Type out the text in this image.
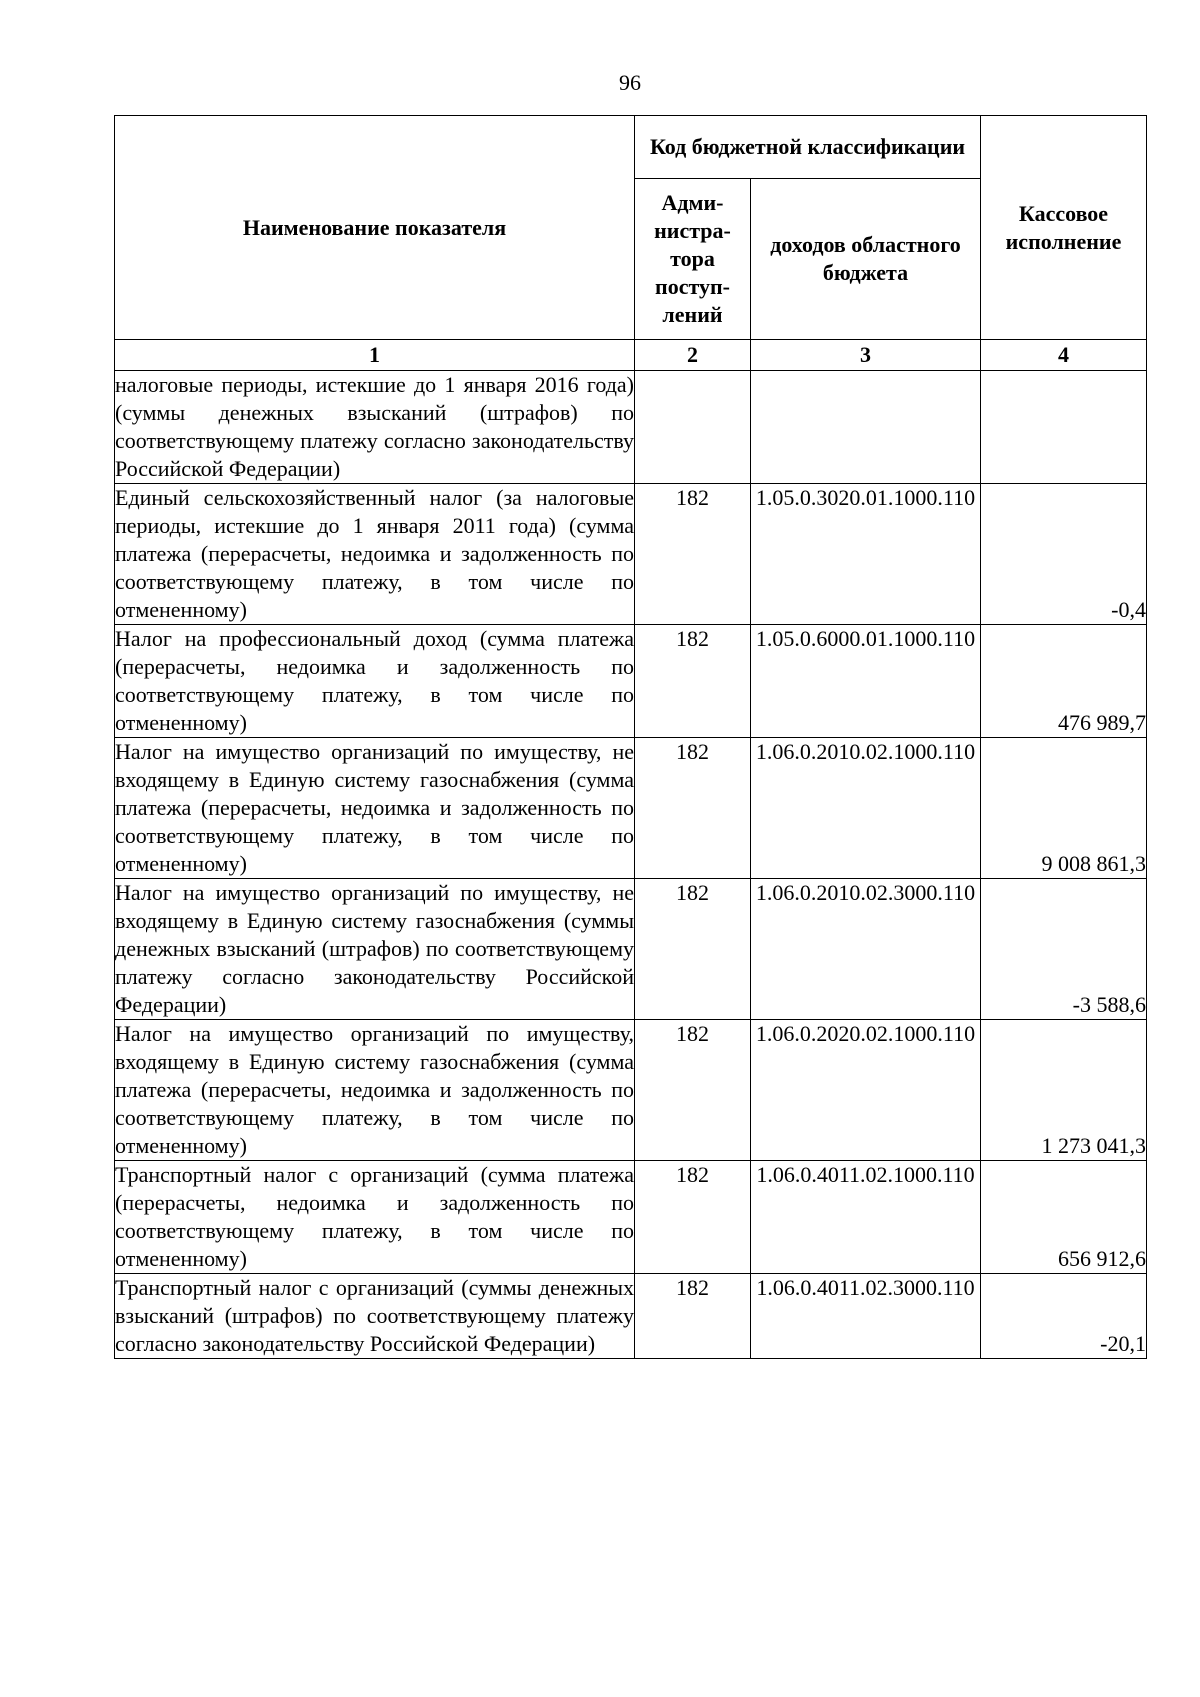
96
Наименование показателя	Код бюджетной классификации		Кассовое исполнение
	Адми-нистра-тора поступ-лений	доходов областного бюджета	
1	2	3	4
налоговые периоды, истекшие до 1 января 2016 года) (суммы денежных взысканий (штрафов) по соответствующему платежу согласно законодательству Российской Федерации)			
Единый сельскохозяйственный налог (за налоговые периоды, истекшие до 1 января 2011 года) (сумма платежа (перерасчеты, недоимка и задолженность по соответствующему платежу, в том числе по отмененному)	182	1.05.0.3020.01.1000.110	-0,4
Налог на профессиональный доход (сумма платежа (перерасчеты, недоимка и задолженность по соответствующему платежу, в том числе по отмененному)	182	1.05.0.6000.01.1000.110	476 989,7
Налог на имущество организаций по имуществу, не входящему в Единую систему газоснабжения (сумма платежа (перерасчеты, недоимка и задолженность по соответствующему платежу, в том числе по отмененному)	182	1.06.0.2010.02.1000.110	9 008 861,3
Налог на имущество организаций по имуществу, не входящему в Единую систему газоснабжения (суммы денежных взысканий (штрафов) по соответствующему платежу согласно законодательству Российской Федерации)	182	1.06.0.2010.02.3000.110	-3 588,6
Налог на имущество организаций по имуществу, входящему в Единую систему газоснабжения (сумма платежа (перерасчеты, недоимка и задолженность по соответствующему платежу, в том числе по отмененному)	182	1.06.0.2020.02.1000.110	1 273 041,3
Транспортный налог с организаций (сумма платежа (перерасчеты, недоимка и задолженность по соответствующему платежу, в том числе по отмененному)	182	1.06.0.4011.02.1000.110	656 912,6
Транспортный налог с организаций (суммы денежных взысканий (штрафов) по соответствующему платежу согласно законодательству Российской Федерации)	182	1.06.0.4011.02.3000.110	-20,1
